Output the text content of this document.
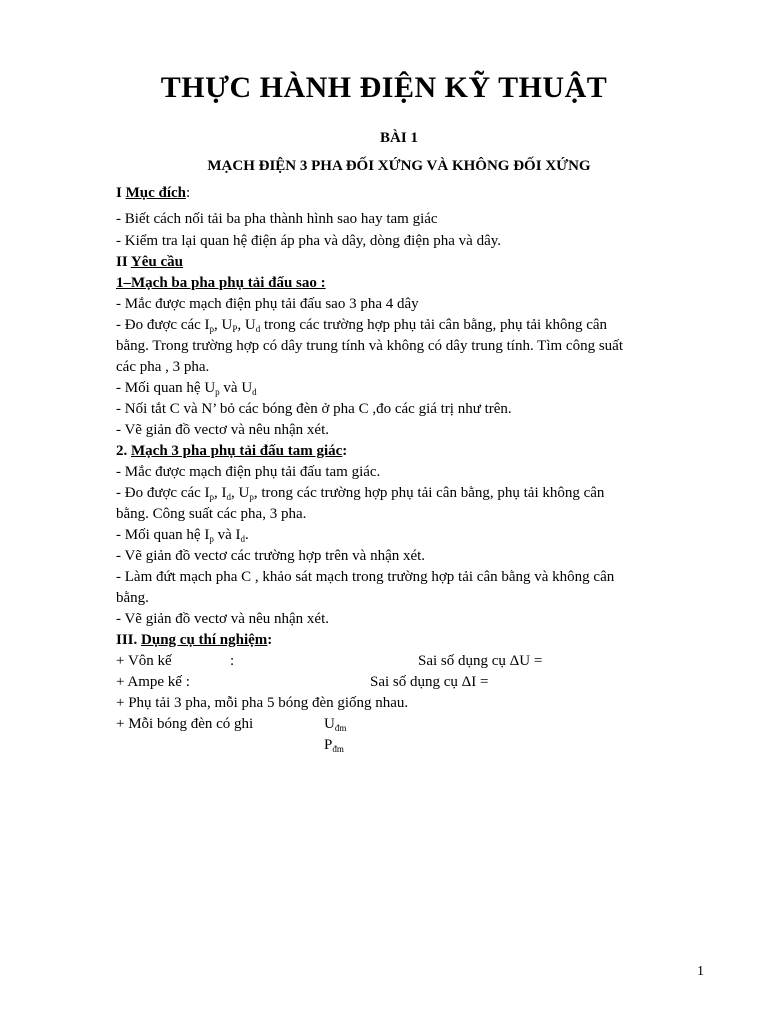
THỰC HÀNH ĐIỆN KỸ THUẬT
BÀI 1
MẠCH ĐIỆN 3 PHA ĐỐI XỨNG VÀ KHÔNG ĐỐI XỨNG
I Mục đích:
- Biết cách nối tải ba pha thành hình sao hay tam giác
- Kiểm tra lại quan hệ điện áp pha và dây, dòng điện pha và dây.
II Yêu cầu
1–Mạch ba pha phụ tải đấu sao :
- Mắc được mạch điện phụ tải đấu sao 3 pha 4 dây
- Đo được các $I_p$, $U_P$, $U_d$ trong các trường hợp phụ tải cân bằng, phụ tải không cân
bằng. Trong trường hợp có dây trung tính và không có dây trung tính. Tìm công suất
các pha , 3 pha.
- Mối quan hệ $U_p$ và $U_d$
- Nối tắt C và N’ bỏ các bóng đèn ở pha C ,đo các giá trị như trên.
- Vẽ giản đồ vectơ và nêu nhận xét.
2. Mạch 3 pha phụ tải đấu tam giác:
- Mắc được mạch điện phụ tải đấu tam giác.
- Đo được các $I_p$, $I_d$, $U_p$, trong các trường hợp phụ tải cân bằng, phụ tải không cân
bằng. Công suất các pha, 3 pha.
- Mối quan hệ $I_p$ và $I_d$.
- Vẽ giản đồ vectơ các trường hợp trên và nhận xét.
- Làm đứt mạch pha C , khảo sát mạch trong trường hợp tải cân bằng và không cân
bằng.
- Vẽ giản đồ vectơ và nêu nhận xét.
III. Dụng cụ thí nghiệm:
+ Vôn kế	:	Sai số dụng cụ ΔU =
+ Ampe kế :	Sai số dụng cụ ΔI =
+ Phụ tải 3 pha, mỗi pha 5 bóng đèn giống nhau.
+ Mỗi bóng đèn có ghi	$U_{đm}$
$P_{đm}$
1
